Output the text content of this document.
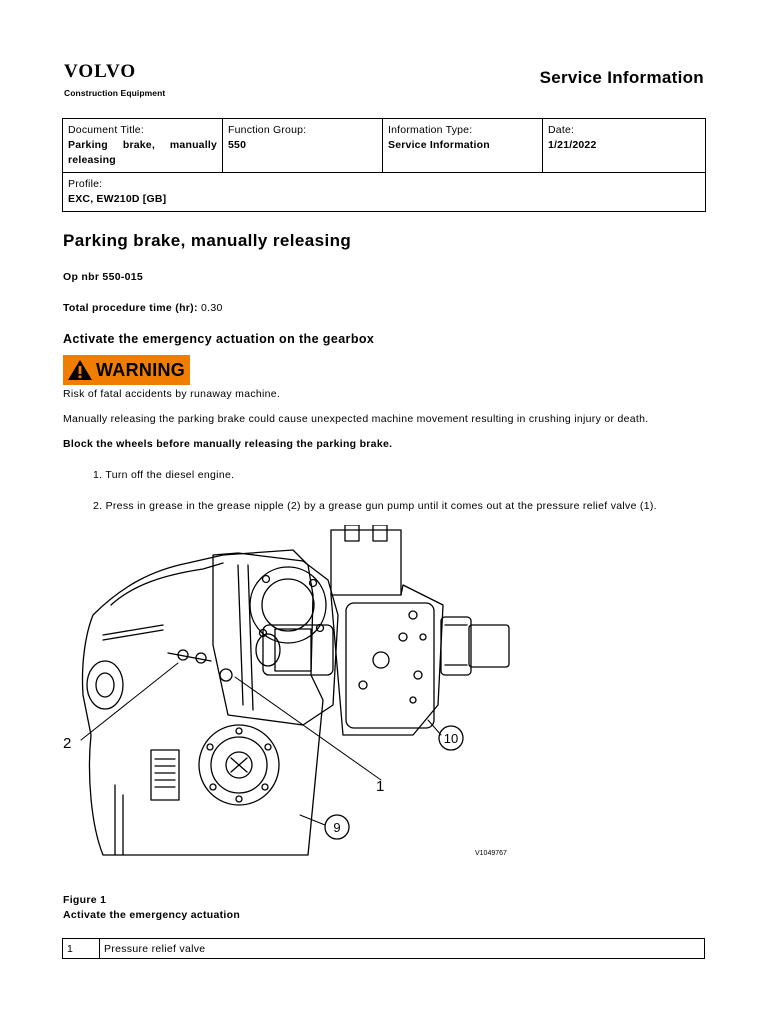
VOLVO
Construction Equipment
Service Information
Document Title:
Parking brake, manually releasing

Function Group:
550

Information Type:
Service Information

Date:
1/21/2022

Profile:
EXC, EW210D [GB]
Parking brake, manually releasing
Op nbr 550-015
Total procedure time (hr): 0.30
Activate the emergency actuation on the gearbox
WARNING
Risk of fatal accidents by runaway machine.
Manually releasing the parking brake could cause unexpected machine movement resulting in crushing injury or death.
Block the wheels before manually releasing the parking brake.
1. Turn off the diesel engine.
2. Press in grease in the grease nipple (2) by a grease gun pump until it comes out at the pressure relief valve (1).
2	10
1
9
V1049767
Figure 1
Activate the emergency actuation
1	Pressure relief valve
